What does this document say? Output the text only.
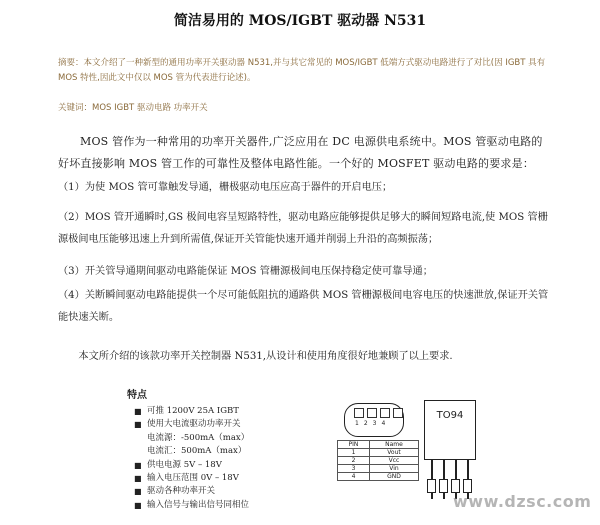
简洁易用的 MOS/IGBT 驱动器 N531
摘要：本文介绍了一种新型的通用功率开关驱动器 N531,并与其它常见的 MOS/IGBT 低端方式驱动电路进行了对比(因 IGBT 具有 MOS 特性,因此文中仅以 MOS 管为代表进行论述)。
关键词：MOS IGBT 驱动电路 功率开关
MOS 管作为一种常用的功率开关器件,广泛应用在 DC 电源供电系统中。MOS 管驱动电路的好坏直接影响 MOS 管工作的可靠性及整体电路性能。一个好的 MOSFET 驱动电路的要求是：
（1）为使 MOS 管可靠触发导通，栅极驱动电压应高于器件的开启电压；
（2）MOS 管开通瞬时,GS 极间电容呈短路特性，驱动电路应能够提供足够大的瞬间短路电流,使 MOS 管栅源极间电压能够迅速上升到所需值,保证开关管能快速开通并削弱上升沿的高频振荡；
（3）开关管导通期间驱动电路能保证 MOS 管栅源极间电压保持稳定使可靠导通；
（4）关断瞬间驱动电路能提供一个尽可能低阻抗的通路供 MOS 管栅源极间电容电压的快速泄放,保证开关管能快速关断。
本文所介绍的该款功率开关控制器 N531,从设计和使用角度很好地兼顾了以上要求.
特点
■ 可推 1200V 25A IGBT
■ 使用大电流驱动功率开关
电流源：-500mA（max）
电流汇：500mA（max）
■ 供电电源 5V – 18V
■ 输入电压范围 0V – 18V
■ 驱动各种功率开关
■ 输入信号与输出信号同相位
1 2 3 4
PIN	Name
1	Vout
2	Vcc
3	Vin
4	GND
TO94
www.dzsc.com
